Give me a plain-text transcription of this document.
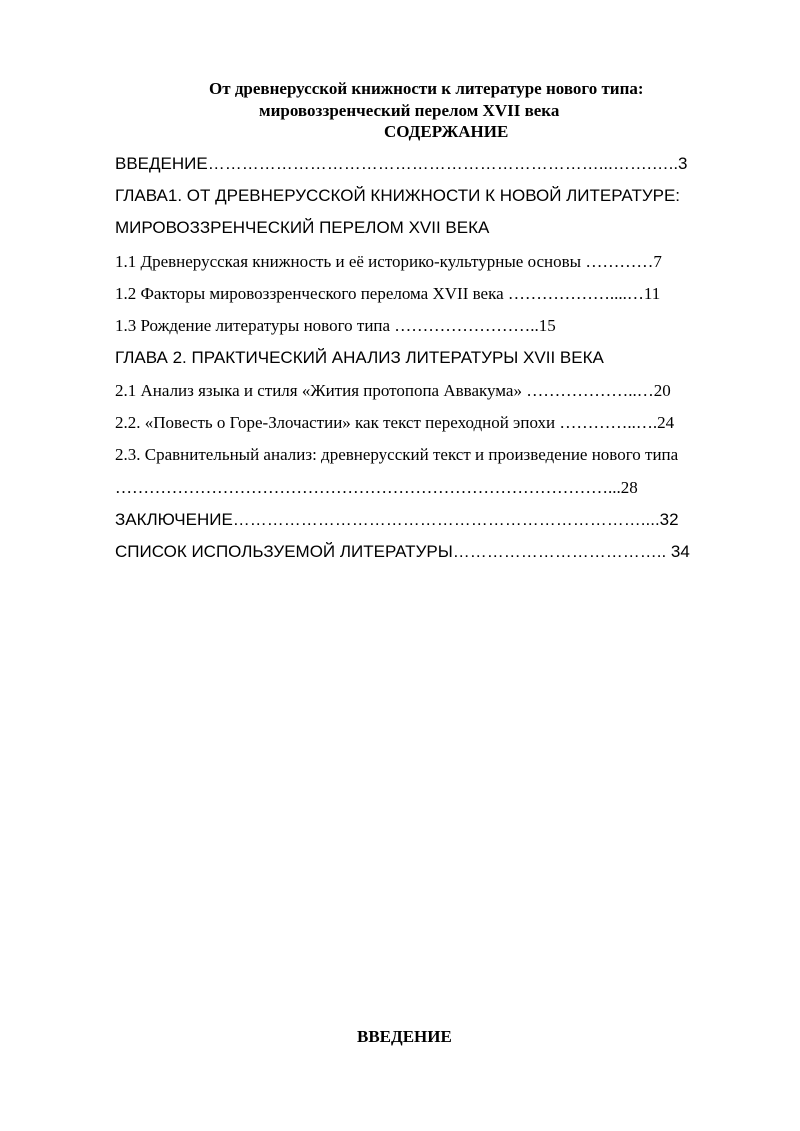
От древнерусской книжности к литературе нового типа:
мировоззренческий перелом XVII века
СОДЕРЖАНИЕ
ВВЕДЕНИЕ……………………………………………………………...…….…..3
ГЛАВА1. ОТ ДРЕВНЕРУССКОЙ КНИЖНОСТИ К НОВОЙ ЛИТЕРАТУРЕ:
МИРОВОЗЗРЕНЧЕСКИЙ ПЕРЕЛОМ XVII ВЕКА
1.1 Древнерусская книжность и её историко-культурные основы …………7
1.2 Факторы мировоззренческого перелома XVII века ………………....…11
1.3 Рождение литературы нового типа ……………………..15
ГЛАВА 2. ПРАКТИЧЕСКИЙ АНАЛИЗ ЛИТЕРАТУРЫ XVII ВЕКА
2.1 Анализ языка и стиля «Жития протопопа Аввакума» ………………..…20
2.2. «Повесть о Горе-Злочастии» как текст переходной эпохи …………..….24
2.3. Сравнительный анализ: древнерусский текст и произведение нового типа
……………………………………………………………………………...28
ЗАКЛЮЧЕНИЕ………………………………………………………………....32
СПИСОК ИСПОЛЬЗУЕМОЙ ЛИТЕРАТУРЫ……………………………….. 34
ВВЕДЕНИЕ
